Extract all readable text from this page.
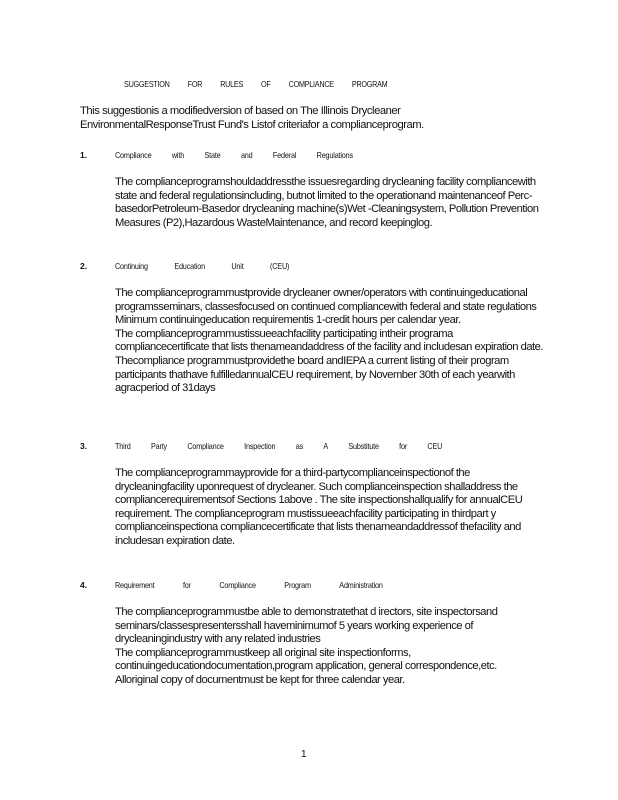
SUGGESTION FOR RULES OF COMPLIANCE PROGRAM

This suggestionis a modifiedversion of based on The Illinois Drycleaner EnvironmentalResponseTrust Fund's Listof criteriafor a complianceprogram.

1.	Compliance with State and Federal Regulations

The complianceprogramshouldaddressthe issuesregarding drycleaning facility compliancewith state and federal regulationsincluding, butnot limited to the operationand maintenanceof Perc- basedorPetroleum-Basedor drycleaning machine(s)Wet -Cleaningsystem, Pollution Prevention Measures (P2),Hazardous WasteMaintenance, and record keepinglog.

2.	Continuing	Education	Unit	(CEU)

The complianceprogrammustprovide drycleaner owner/operators with continuingeducational programsseminars, classesfocused on continued compliancewith federal and state regulations Minimum continuingeducation requirementis 1-credit hours per calendar year.
The complianceprogrammustissueeachfacility participating intheir programa compliancecertificate that lists thenameandaddress of the facility and includesan expiration date.
Thecompliance programmustprovidethe board andIEPA a current listing of their program participants thathave fulfilledannualCEU requirement, by November 30th of each yearwith agracperiod of 31days

3.	Third Party Compliance Inspection as A Substitute for CEU

The complianceprogrammayprovide for a third-partycomplianceinspectionof the drycleaningfacility uponrequest of drycleaner. Such complianceinspection shalladdress the compliancerequirementsof Sections 1above . The site inspectionshallqualify for annualCEU requirement. The complianceprogram mustissueeachfacility participating in thirdpart y complianceinspectiona compliancecertificate that lists thenameandaddressof thefacility and includesan expiration date.

4.	Requirement	for	Compliance	Program	Administration

The complianceprogrammustbe able to demonstratethat d irectors, site inspectorsand seminars/classespresentersshall haveminimumof 5 years working experience of drycleaningindustry with any related industries
The complianceprogrammustkeep all original site inspectionforms, continuingeducationdocumentation,program application, general correspondence,etc.
Alloriginal copy of documentmust be kept for three calendar year.

1
